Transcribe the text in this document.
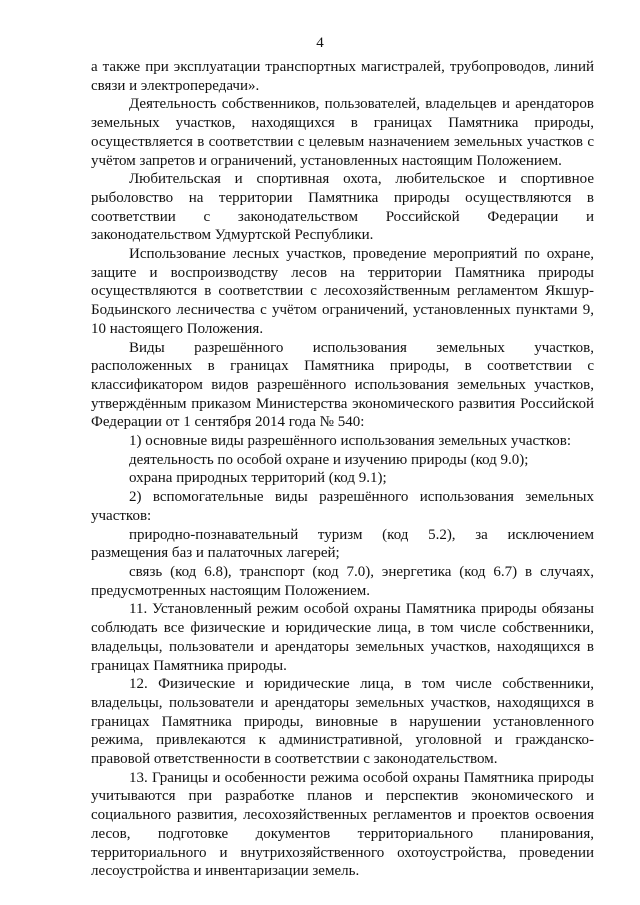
4

а также при эксплуатации транспортных магистралей, трубопроводов, линий связи и электропередачи».

Деятельность собственников, пользователей, владельцев и арендаторов земельных участков, находящихся в границах Памятника природы, осуществляется в соответствии с целевым назначением земельных участков с учётом запретов и ограничений, установленных настоящим Положением.

Любительская и спортивная охота, любительское и спортивное рыболовство на территории Памятника природы осуществляются в соответствии с законодательством Российской Федерации и законодательством Удмуртской Республики.

Использование лесных участков, проведение мероприятий по охране, защите и воспроизводству лесов на территории Памятника природы осуществляются в соответствии с лесохозяйственным регламентом Якшур-Бодьинского лесничества с учётом ограничений, установленных пунктами 9, 10 настоящего Положения.

Виды разрешённого использования земельных участков, расположенных в границах Памятника природы, в соответствии с классификатором видов разрешённого использования земельных участков, утверждённым приказом Министерства экономического развития Российской Федерации от 1 сентября 2014 года № 540:

1) основные виды разрешённого использования земельных участков:

деятельность по особой охране и изучению природы (код 9.0);

охрана природных территорий (код 9.1);

2) вспомогательные виды разрешённого использования земельных участков:

природно-познавательный туризм (код 5.2), за исключением размещения баз и палаточных лагерей;

связь (код 6.8), транспорт (код 7.0), энергетика (код 6.7) в случаях, предусмотренных настоящим Положением.

11. Установленный режим особой охраны Памятника природы обязаны соблюдать все физические и юридические лица, в том числе собственники, владельцы, пользователи и арендаторы земельных участков, находящихся в границах Памятника природы.

12. Физические и юридические лица, в том числе собственники, владельцы, пользователи и арендаторы земельных участков, находящихся в границах Памятника природы, виновные в нарушении установленного режима, привлекаются к административной, уголовной и гражданско-правовой ответственности в соответствии с законодательством.

13. Границы и особенности режима особой охраны Памятника природы учитываются при разработке планов и перспектив экономического и социального развития, лесохозяйственных регламентов и проектов освоения лесов, подготовке документов территориального планирования, территориального и внутрихозяйственного охотоустройства, проведении лесоустройства и инвентаризации земель.
